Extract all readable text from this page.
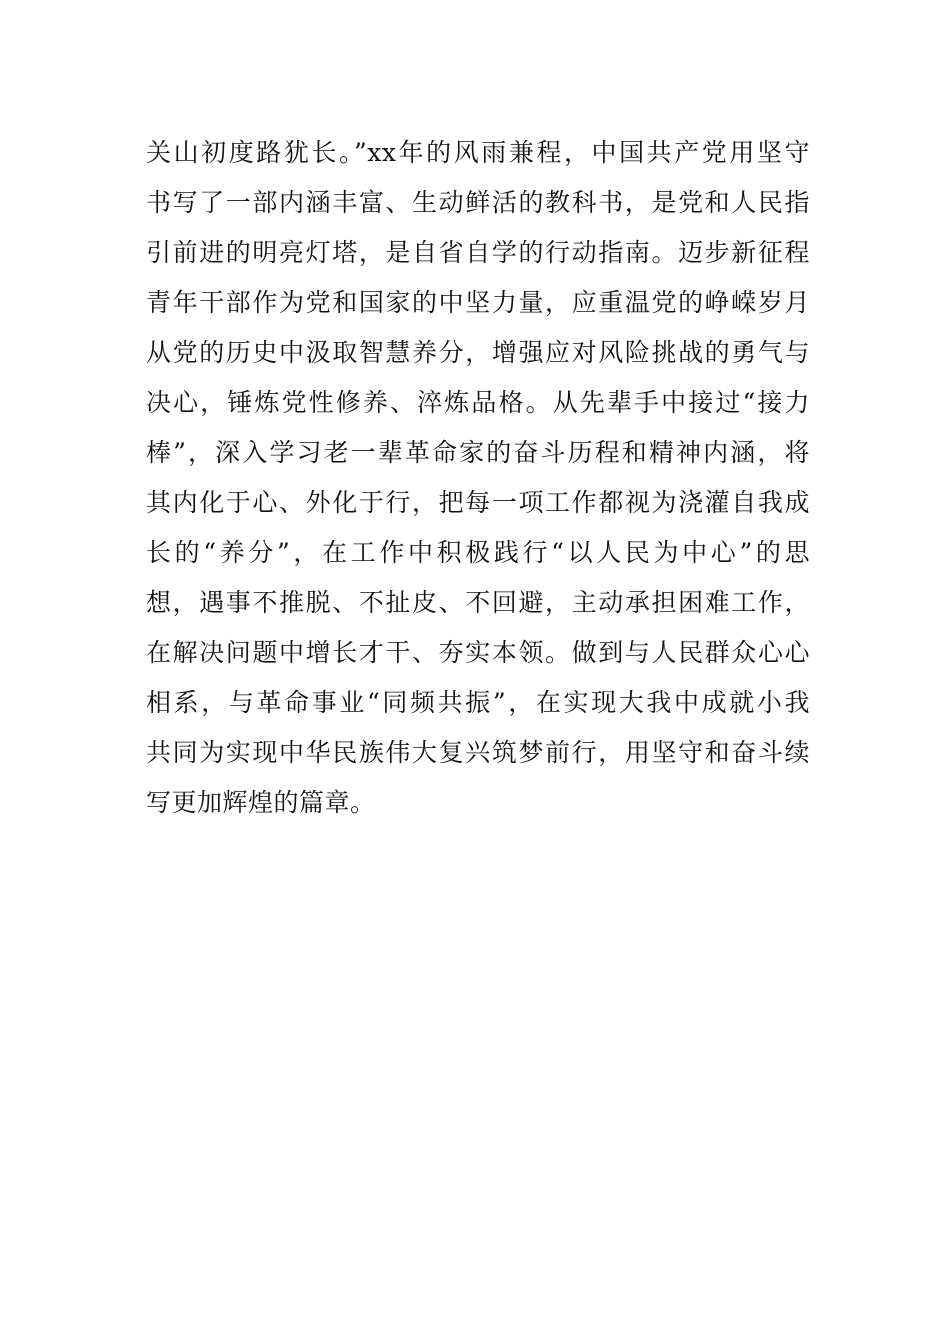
关山初度路犹长。”xx年的风雨兼程，中国共产党用坚守
书写了一部内涵丰富、生动鲜活的教科书，是党和人民指
引前进的明亮灯塔，是自省自学的行动指南。迈步新征程
青年干部作为党和国家的中坚力量，应重温党的峥嵘岁月
从党的历史中汲取智慧养分，增强应对风险挑战的勇气与
决心，锤炼党性修养、淬炼品格。从先辈手中接过“接力
棒”，深入学习老一辈革命家的奋斗历程和精神内涵，将
其内化于心、外化于行，把每一项工作都视为浇灌自我成
长的“养分”，在工作中积极践行“以人民为中心”的思
想，遇事不推脱、不扯皮、不回避，主动承担困难工作，
在解决问题中增长才干、夯实本领。做到与人民群众心心
相系，与革命事业“同频共振”，在实现大我中成就小我
共同为实现中华民族伟大复兴筑梦前行，用坚守和奋斗续
写更加辉煌的篇章。
